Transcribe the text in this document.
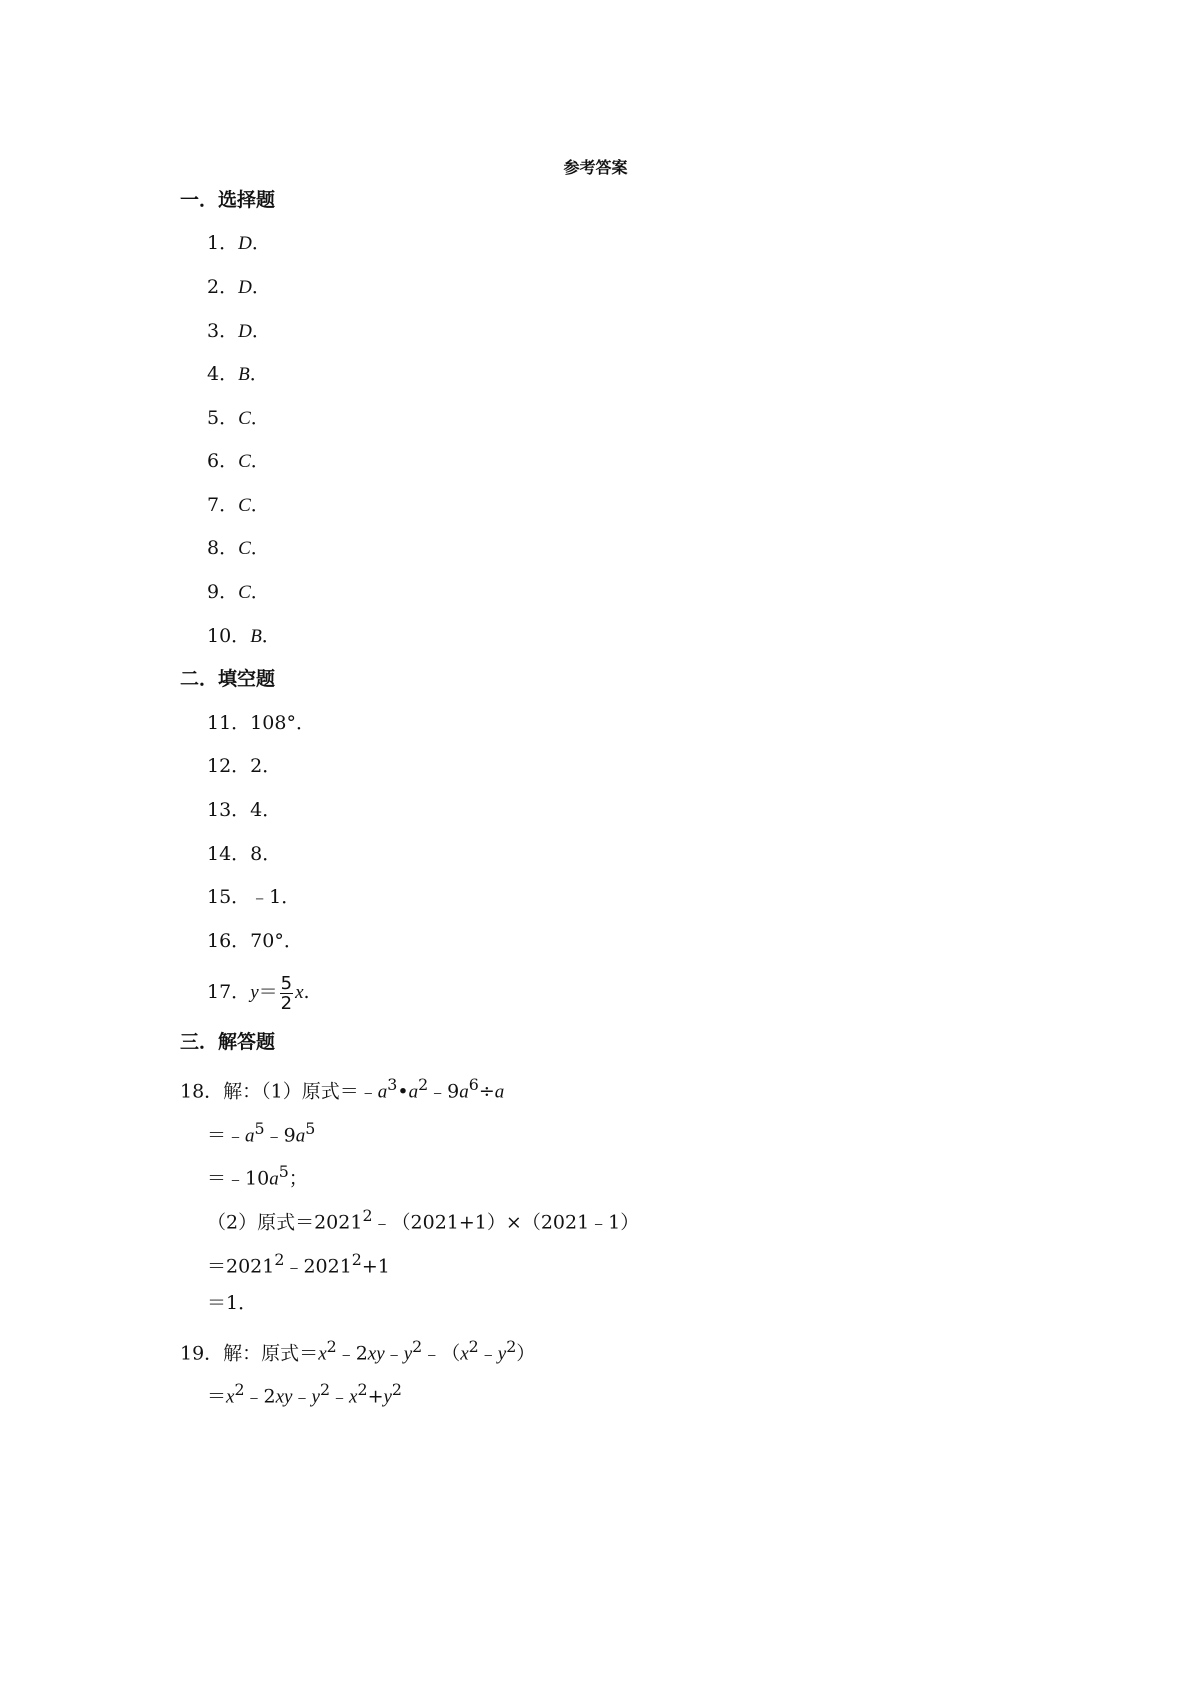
参考答案
一．选择题
1．D．
2．D．
3．D．
4．B．
5．C．
6．C．
7．C．
8．C．
9．C．
10．B．
二．填空题
11．108°．
12．2．
13．4．
14．8．
15．﹣1．
16．70°．
17．$y= \frac{5}{2} x$.
三．解答题
18．解：（1）原式$=﹣a^3•a^2﹣9a^6\div a$
$=﹣a^5﹣9a^5$
$=﹣10a^5$；
（2）原式$=2021^2﹣(2021+1)\times(2021﹣1)$
$=2021^2﹣2021^2+1$
＝1．
19．解：原式$=x^2﹣2xy﹣y^2﹣(x^2﹣y^2)$
$=x^2﹣2xy﹣y^2﹣x^2+y^2$
